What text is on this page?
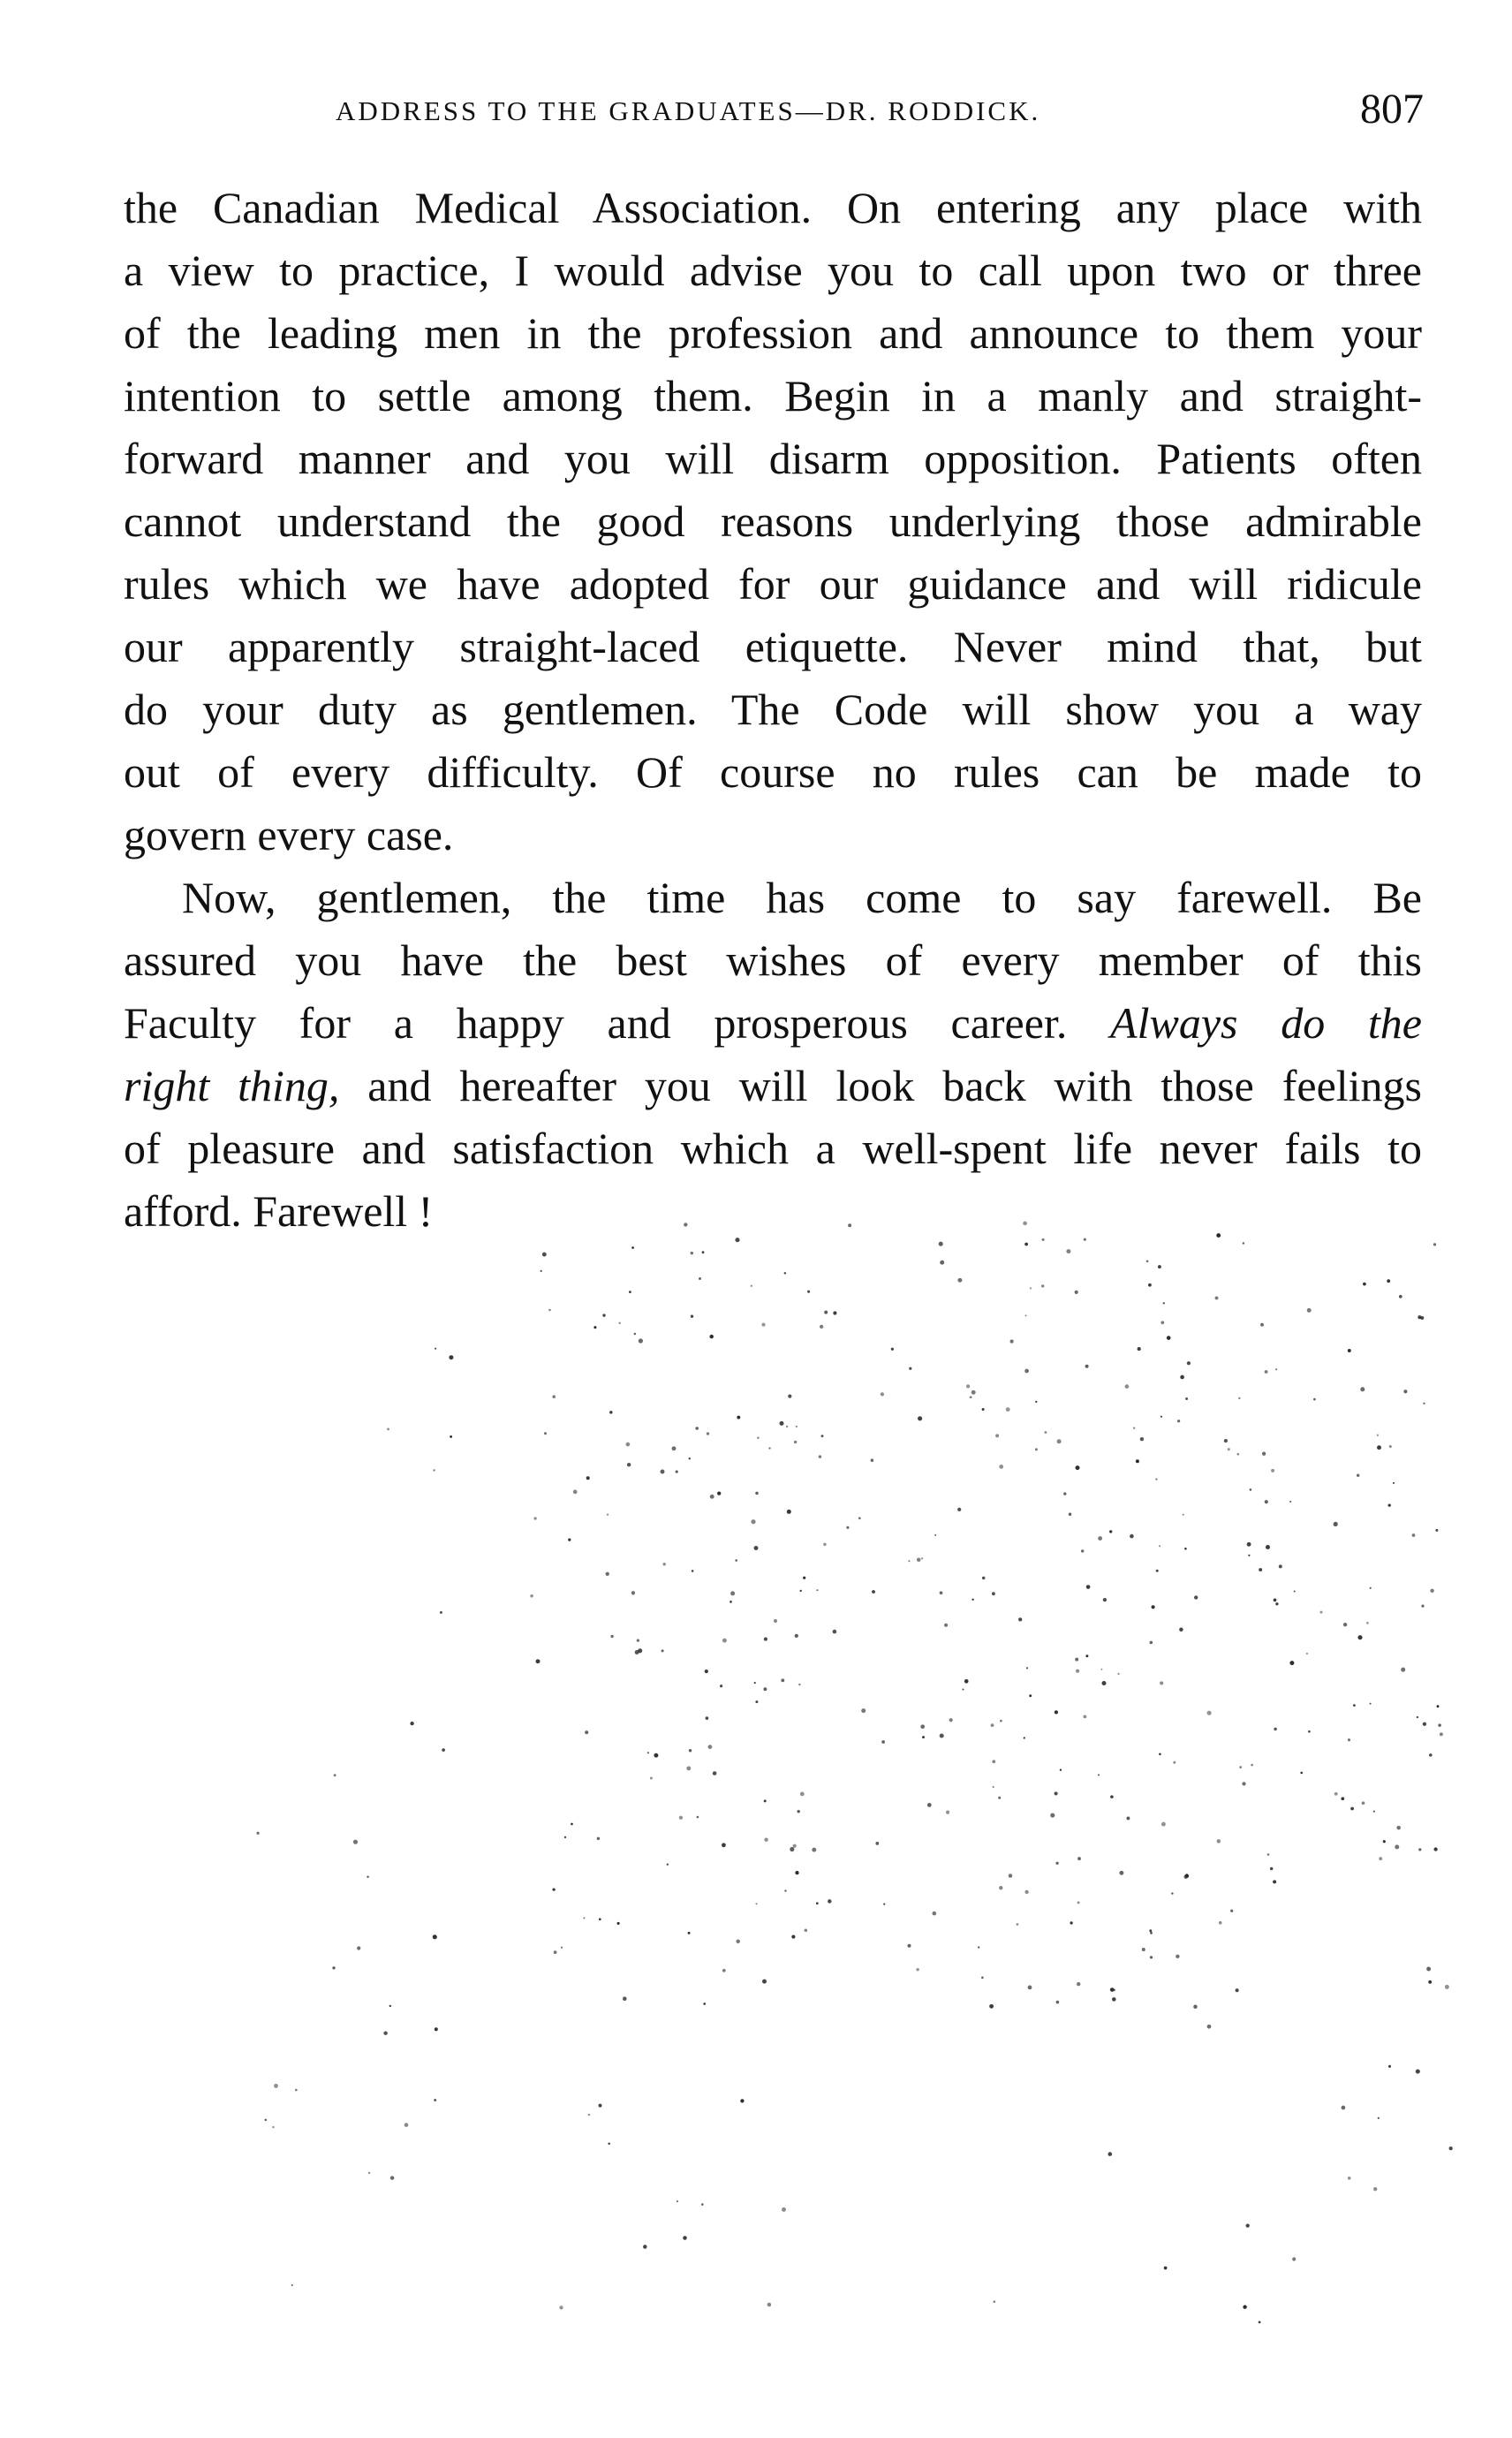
ADDRESS TO THE GRADUATES—DR. RODDICK.	807
the Canadian Medical Association. On entering any place with
a view to practice, I would advise you to call upon two or three
of the leading men in the profession and announce to them your
intention to settle among them. Begin in a manly and straight-
forward manner and you will disarm opposition. Patients often
cannot understand the good reasons underlying those admirable
rules which we have adopted for our guidance and will ridicule
our apparently straight-laced etiquette. Never mind that, but
do your duty as gentlemen. The Code will show you a way
out of every difficulty. Of course no rules can be made to
govern every case.
Now, gentlemen, the time has come to say farewell. Be
assured you have the best wishes of every member of this
Faculty for a happy and prosperous career. Always do the
right thing, and hereafter you will look back with those feelings
of pleasure and satisfaction which a well-spent life never fails to
afford. Farewell !
